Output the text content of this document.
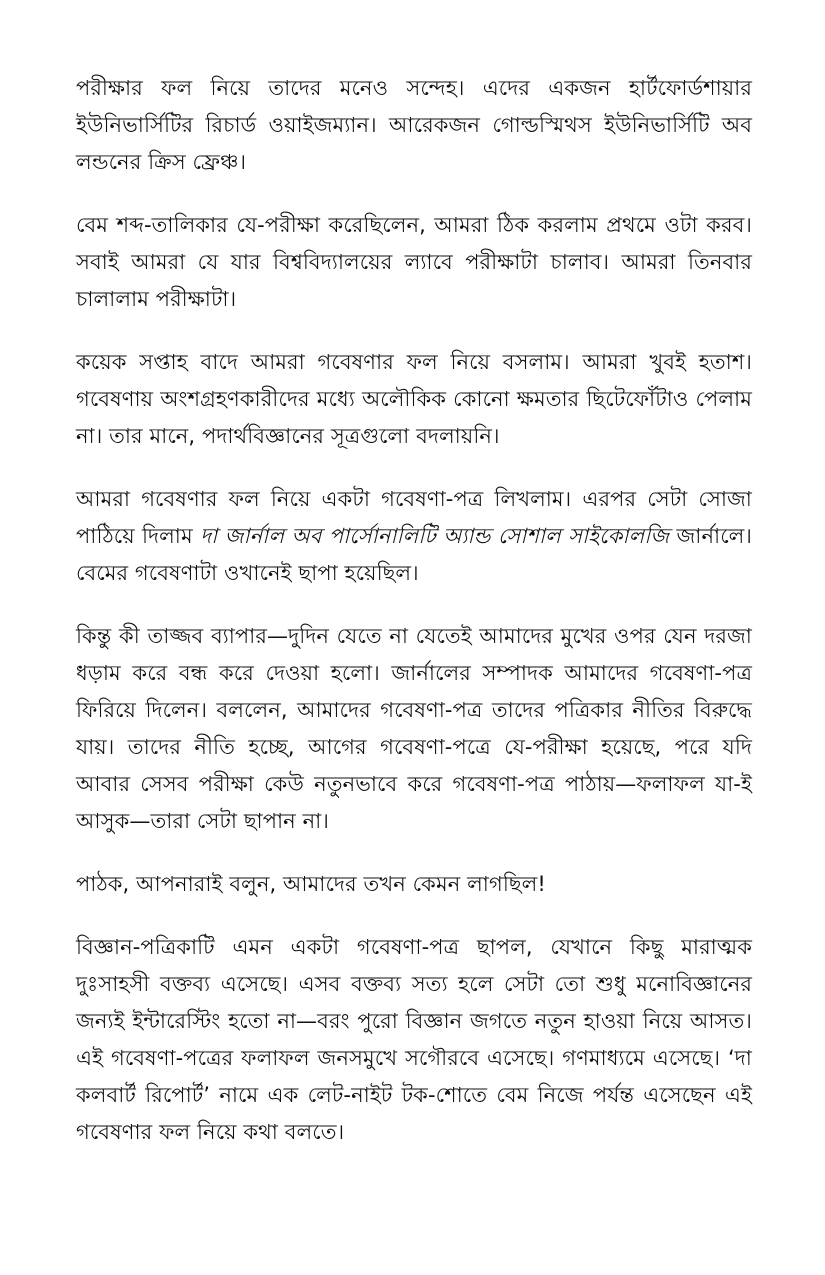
পরীক্ষার ফল নিয়ে তাদের মনেও সন্দেহ। এদের একজন হার্টফোর্ডশায়ার ইউনিভার্সিটির রিচার্ড ওয়াইজম্যান। আরেকজন গোল্ডস্মিথস ইউনিভার্সিটি অব লন্ডনের ক্রিস ফ্রেঞ্চ।

বেম শব্দ-তালিকার যে-পরীক্ষা করেছিলেন, আমরা ঠিক করলাম প্রথমে ওটা করব। সবাই আমরা যে যার বিশ্ববিদ্যালয়ের ল্যাবে পরীক্ষাটা চালাব। আমরা তিনবার চালালাম পরীক্ষাটা।

কয়েক সপ্তাহ বাদে আমরা গবেষণার ফল নিয়ে বসলাম। আমরা খুবই হতাশ। গবেষণায় অংশগ্রহণকারীদের মধ্যে অলৌকিক কোনো ক্ষমতার ছিটেফোঁটাও পেলাম না। তার মানে, পদার্থবিজ্ঞানের সূত্রগুলো বদলায়নি।

আমরা গবেষণার ফল নিয়ে একটা গবেষণা-পত্র লিখলাম। এরপর সেটা সোজা পাঠিয়ে দিলাম দা জার্নাল অব পার্সোনালিটি অ্যান্ড সোশাল সাইকোলজি জার্নালে। বেমের গবেষণাটা ওখানেই ছাপা হয়েছিল।

কিন্তু কী তাজ্জব ব্যাপার—দুদিন যেতে না যেতেই আমাদের মুখের ওপর যেন দরজা ধড়াম করে বন্ধ করে দেওয়া হলো। জার্নালের সম্পাদক আমাদের গবেষণা-পত্র ফিরিয়ে দিলেন। বললেন, আমাদের গবেষণা-পত্র তাদের পত্রিকার নীতির বিরুদ্ধে যায়। তাদের নীতি হচ্ছে, আগের গবেষণা-পত্রে যে-পরীক্ষা হয়েছে, পরে যদি আবার সেসব পরীক্ষা কেউ নতুনভাবে করে গবেষণা-পত্র পাঠায়—ফলাফল যা-ই আসুক—তারা সেটা ছাপান না।

পাঠক, আপনারাই বলুন, আমাদের তখন কেমন লাগছিল!

বিজ্ঞান-পত্রিকাটি এমন একটা গবেষণা-পত্র ছাপল, যেখানে কিছু মারাত্মক দুঃসাহসী বক্তব্য এসেছে। এসব বক্তব্য সত্য হলে সেটা তো শুধু মনোবিজ্ঞানের জন্যই ইন্টারেস্টিং হতো না—বরং পুরো বিজ্ঞান জগতে নতুন হাওয়া নিয়ে আসত। এই গবেষণা-পত্রের ফলাফল জনসমুখে সগৌরবে এসেছে। গণমাধ্যমে এসেছে। ‘দা কলবার্ট রিপোর্ট’ নামে এক লেট-নাইট টক-শোতে বেম নিজে পর্যন্ত এসেছেন এই গবেষণার ফল নিয়ে কথা বলতে।
